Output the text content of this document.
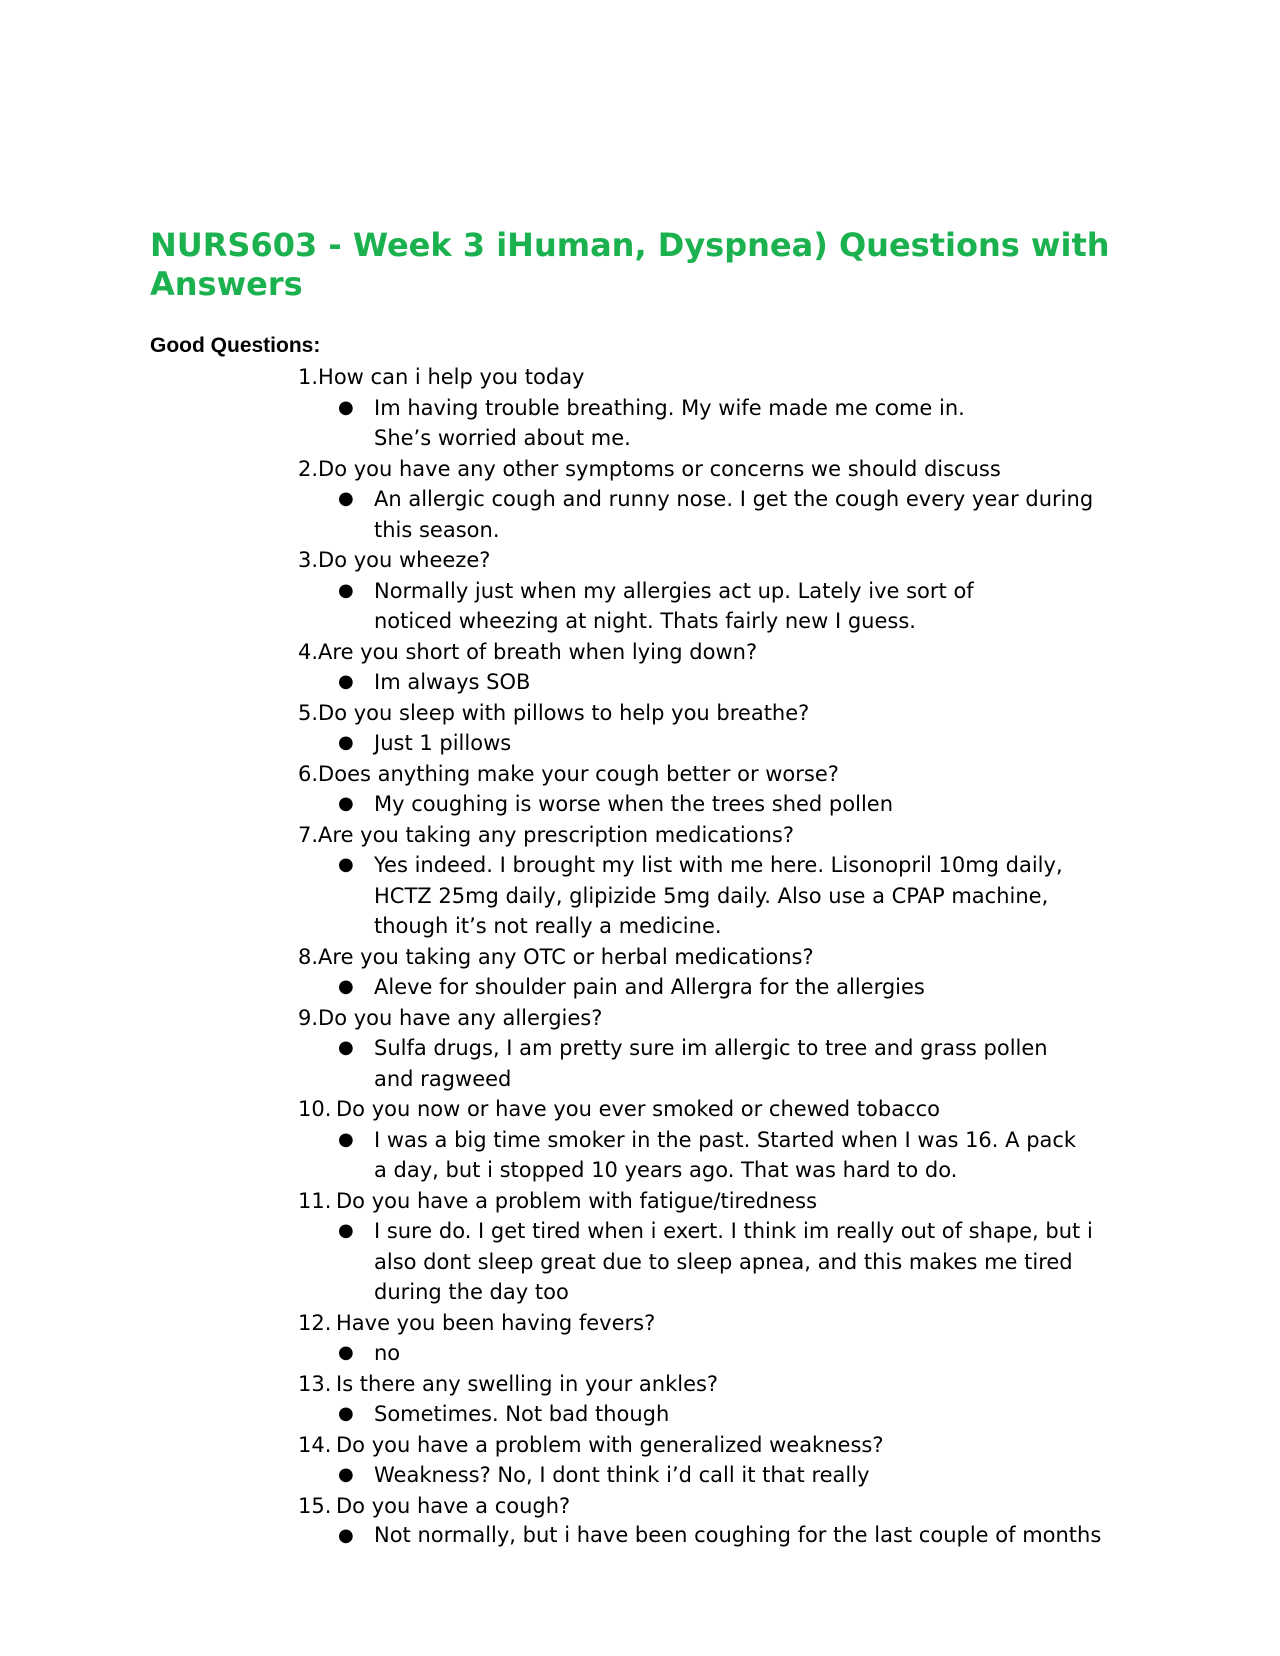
NURS603 - Week 3 iHuman, Dyspnea) Questions with Answers
Good Questions:
1. How can i help you today
● Im having trouble breathing. My wife made me come in. She’s worried about me.
2. Do you have any other symptoms or concerns we should discuss
● An allergic cough and runny nose. I get the cough every year during this season.
3. Do you wheeze?
● Normally just when my allergies act up. Lately ive sort of noticed wheezing at night. Thats fairly new I guess.
4. Are you short of breath when lying down?
● Im always SOB
5. Do you sleep with pillows to help you breathe?
● Just 1 pillows
6. Does anything make your cough better or worse?
● My coughing is worse when the trees shed pollen
7. Are you taking any prescription medications?
● Yes indeed. I brought my list with me here. Lisonopril 10mg daily, HCTZ 25mg daily, glipizide 5mg daily. Also use a CPAP machine, though it’s not really a medicine.
8. Are you taking any OTC or herbal medications?
● Aleve for shoulder pain and Allergra for the allergies
9. Do you have any allergies?
● Sulfa drugs, I am pretty sure im allergic to tree and grass pollen and ragweed
10. Do you now or have you ever smoked or chewed tobacco
● I was a big time smoker in the past. Started when I was 16. A pack a day, but i stopped 10 years ago. That was hard to do.
11. Do you have a problem with fatigue/tiredness
● I sure do. I get tired when i exert. I think im really out of shape, but i also dont sleep great due to sleep apnea, and this makes me tired during the day too
12. Have you been having fevers?
● no
13. Is there any swelling in your ankles?
● Sometimes. Not bad though
14. Do you have a problem with generalized weakness?
● Weakness? No, I dont think i’d call it that really
15. Do you have a cough?
● Not normally, but i have been coughing for the last couple of months
